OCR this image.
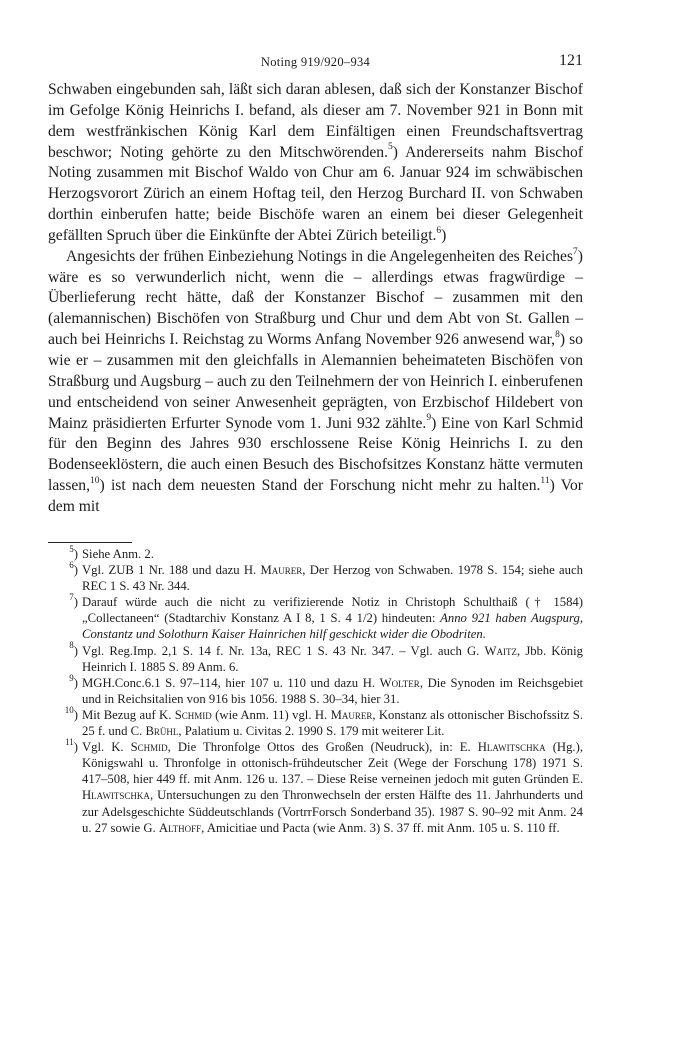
Noting 919/920–934	121

Schwaben eingebunden sah, läßt sich daran ablesen, daß sich der Konstanzer Bischof im Gefolge König Heinrichs I. befand, als dieser am 7. November 921 in Bonn mit dem westfränkischen König Karl dem Einfältigen einen Freundschaftsvertrag beschwor; Noting gehörte zu den Mitschwörenden.$^5$) Andererseits nahm Bischof Noting zusammen mit Bischof Waldo von Chur am 6. Januar 924 im schwäbischen Herzogsvorort Zürich an einem Hoftag teil, den Herzog Burchard II. von Schwaben dorthin einberufen hatte; beide Bischöfe waren an einem bei dieser Gelegenheit gefällten Spruch über die Einkünfte der Abtei Zürich beteiligt.$^6$)

Angesichts der frühen Einbeziehung Notings in die Angelegenheiten des Reiches$^7$) wäre es so verwunderlich nicht, wenn die – allerdings etwas fragwürdige – Überlieferung recht hätte, daß der Konstanzer Bischof – zusammen mit den (alemannischen) Bischöfen von Straßburg und Chur und dem Abt von St. Gallen – auch bei Heinrichs I. Reichstag zu Worms Anfang November 926 anwesend war,$^8$) so wie er – zusammen mit den gleichfalls in Alemannien beheimateten Bischöfen von Straßburg und Augsburg – auch zu den Teilnehmern der von Heinrich I. einberufenen und entscheidend von seiner Anwesenheit geprägten, von Erzbischof Hildebert von Mainz präsidierten Erfurter Synode vom 1. Juni 932 zählte.$^9$) Eine von Karl Schmid für den Beginn des Jahres 930 erschlossene Reise König Heinrichs I. zu den Bodenseeklöstern, die auch einen Besuch des Bischofsitzes Konstanz hätte vermuten lassen,$^{10}$) ist nach dem neuesten Stand der Forschung nicht mehr zu halten.$^{11}$) Vor dem mit

$^5$) Siehe Anm. 2.
$^6$) Vgl. ZUB 1 Nr. 188 und dazu H. Maurer, Der Herzog von Schwaben. 1978 S. 154; siehe auch REC 1 S. 43 Nr. 344.
$^7$) Darauf würde auch die nicht zu verifizierende Notiz in Christoph Schulthaiß († 1584) „Collectaneen“ (Stadtarchiv Konstanz A I 8, 1 S. 4 1/2) hindeuten: Anno 921 haben Augspurg, Constantz und Solothurn Kaiser Hainrichen hilf geschickt wider die Obodriten.
$^8$) Vgl. Reg.Imp. 2,1 S. 14 f. Nr. 13a, REC 1 S. 43 Nr. 347. – Vgl. auch G. Waitz, Jbb. König Heinrich I. 1885 S. 89 Anm. 6.
$^9$) MGH.Conc.6.1 S. 97–114, hier 107 u. 110 und dazu H. Wolter, Die Synoden im Reichsgebiet und in Reichsitalien von 916 bis 1056. 1988 S. 30–34, hier 31.
$^{10}$) Mit Bezug auf K. Schmid (wie Anm. 11) vgl. H. Maurer, Konstanz als ottonischer Bischofssitz S. 25 f. und C. Brühl, Palatium u. Civitas 2. 1990 S. 179 mit weiterer Lit.
$^{11}$) Vgl. K. Schmid, Die Thronfolge Ottos des Großen (Neudruck), in: E. Hlawitschka (Hg.), Königswahl u. Thronfolge in ottonisch-frühdeutscher Zeit (Wege der Forschung 178) 1971 S. 417–508, hier 449 ff. mit Anm. 126 u. 137. – Diese Reise verneinen jedoch mit guten Gründen E. Hlawitschka, Untersuchungen zu den Thronwechseln der ersten Hälfte des 11. Jahrhunderts und zur Adelsgeschichte Süddeutschlands (VortrrForsch Sonderband 35). 1987 S. 90–92 mit Anm. 24 u. 27 sowie G. Althoff, Amicitiae und Pacta (wie Anm. 3) S. 37 ff. mit Anm. 105 u. S. 110 ff.
